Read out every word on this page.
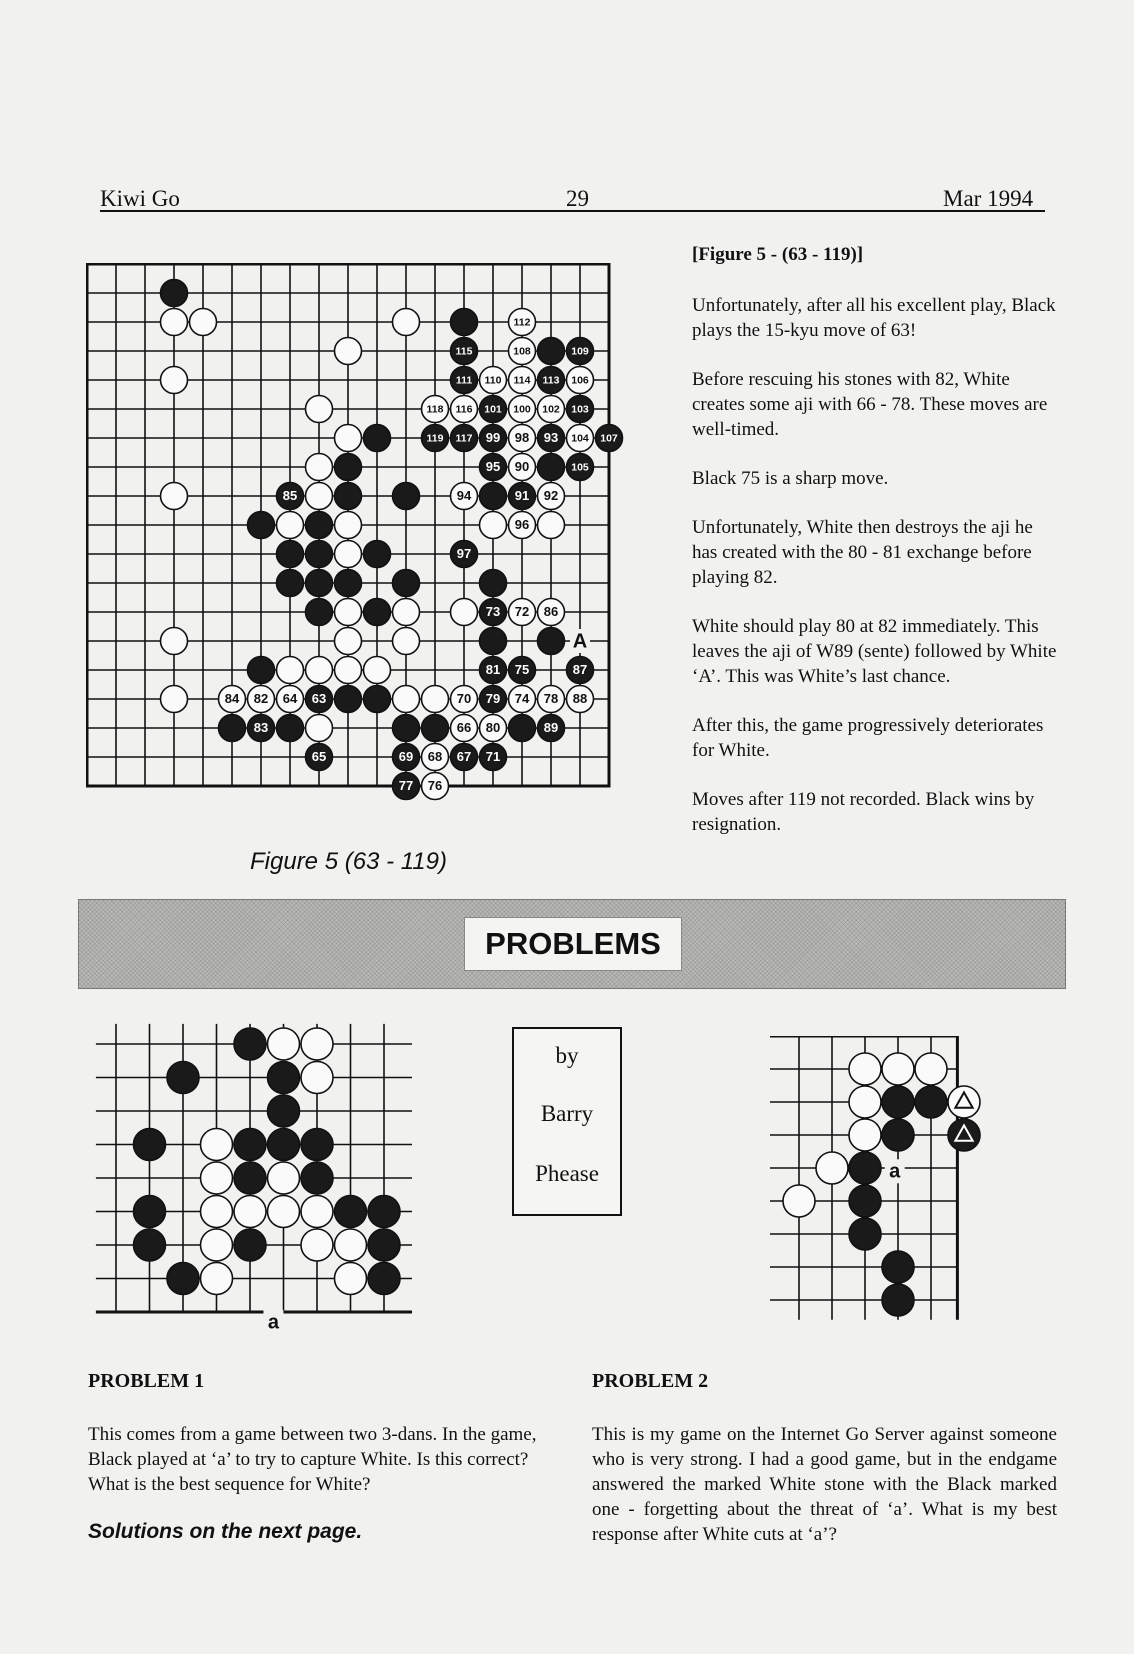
Kiwi Go	29	Mar 1994
112
115	108	109
111 110 114 113 106
118 116 101 100 102 103
119 117 99 98 93 104 107
95 90	105
85	94	91 92
96
97
73 72 86
81 75	87
84 82 64 63	70 79 74 78 88
83	66 80	89
65	69 68 67 71
77 76
A
Figure 5 (63 - 119)
[Figure 5 - (63 - 119)]
Unfortunately, after all his excellent play, Black plays the 15-kyu move of 63!
Before rescuing his stones with 82, White creates some aji with 66 - 78. These moves are well-timed.
Black 75 is a sharp move.
Unfortunately, White then destroys the aji he has created with the 80 - 81 exchange before playing 82.
White should play 80 at 82 immediately. This leaves the aji of W89 (sente) followed by White ‘A’. This was White’s last chance.
After this, the game progressively deteriorates for White.
Moves after 119 not recorded. Black wins by resignation.
PROBLEMS
a
by
Barry
Phease	a
PROBLEM 1
This comes from a game between two 3-dans. In the game, Black played at ‘a’ to try to capture White. Is this correct? What is the best sequence for White?
Solutions on the next page.
PROBLEM 2
This is my game on the Internet Go Server against someone who is very strong. I had a good game, but in the endgame answered the marked White stone with the Black marked one - forgetting about the threat of ‘a’. What is my best response after White cuts at ‘a’?
